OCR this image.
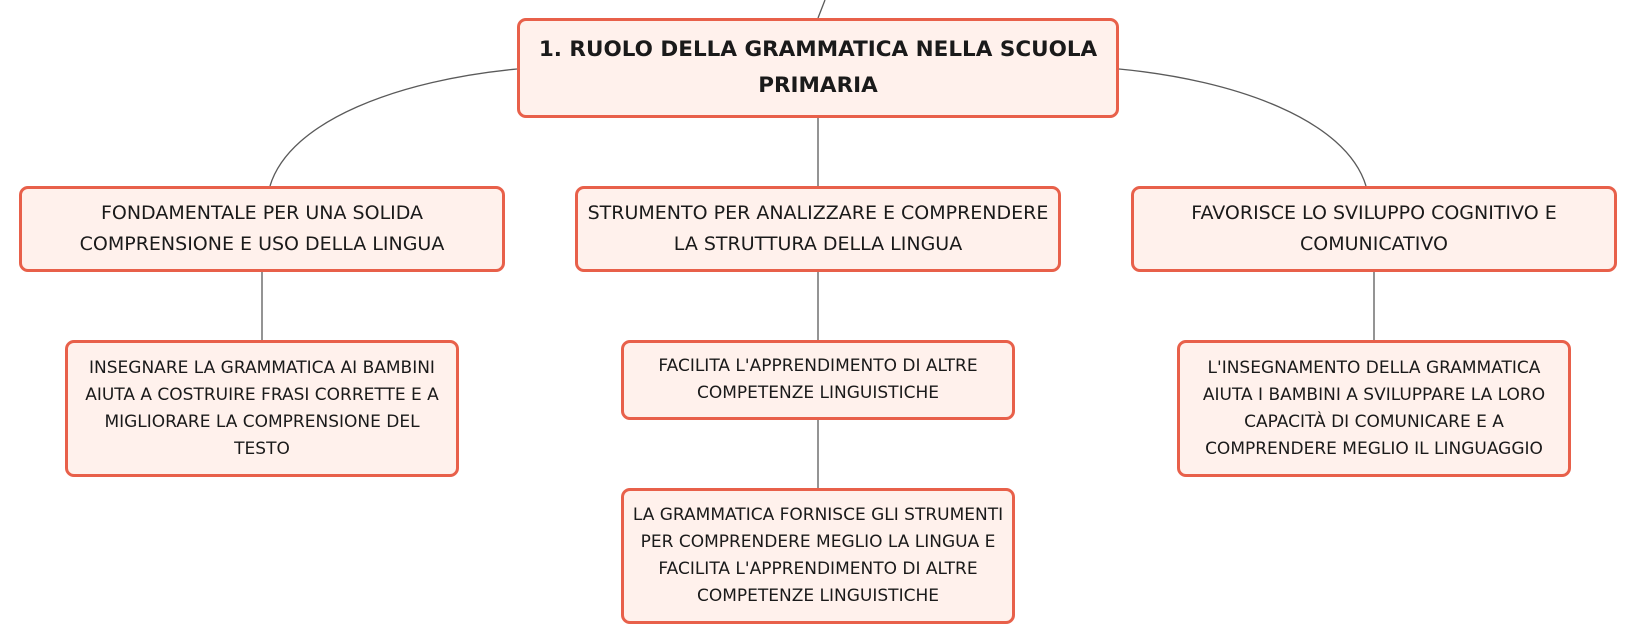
1. RUOLO DELLA GRAMMATICA NELLA SCUOLA PRIMARIA
FONDAMENTALE PER UNA SOLIDA COMPRENSIONE E USO DELLA LINGUA
STRUMENTO PER ANALIZZARE E COMPRENDERE LA STRUTTURA DELLA LINGUA
FAVORISCE LO SVILUPPO COGNITIVO E COMUNICATIVO
INSEGNARE LA GRAMMATICA AI BAMBINI AIUTA A COSTRUIRE FRASI CORRETTE E A MIGLIORARE LA COMPRENSIONE DEL TESTO
FACILITA L'APPRENDIMENTO DI ALTRE COMPETENZE LINGUISTICHE
LA GRAMMATICA FORNISCE GLI STRUMENTI PER COMPRENDERE MEGLIO LA LINGUA E FACILITA L'APPRENDIMENTO DI ALTRE COMPETENZE LINGUISTICHE
L'INSEGNAMENTO DELLA GRAMMATICA AIUTA I BAMBINI A SVILUPPARE LA LORO CAPACITÀ DI COMUNICARE E A COMPRENDERE MEGLIO IL LINGUAGGIO
